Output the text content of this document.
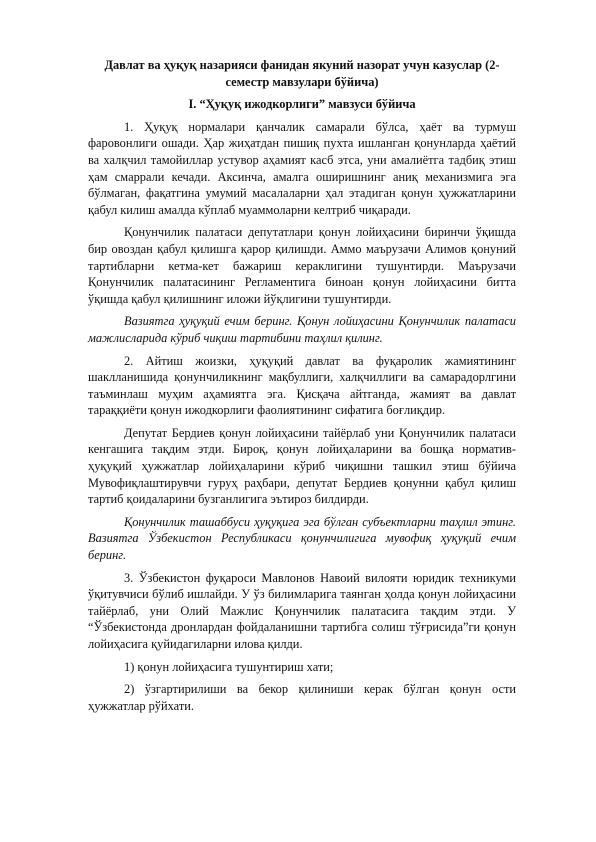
Давлат ва ҳуқуқ назарияси фанидан якуний назорат учун казуслар (2-семестр мавзулари бўйича)

I. “Ҳуқуқ ижодкорлиги” мавзуси бўйича

1. Ҳуқуқ нормалари қанчалик самарали бўлса, ҳаёт ва турмуш фаровонлиги ошади. Ҳар жиҳатдан пишиқ пухта ишланган қонунларда ҳаётий ва халқчил тамойиллар устувор аҳамият касб этса, уни амалиётга тадбиқ этиш ҳам смаррали кечади. Аксинча, амалга оширишнинг аниқ механизмига эга бўлмаган, фақатгина умумий масалаларни ҳал этадиган қонун ҳужжатларини қабул килиш амалда кўплаб муаммоларни келтриб чиқаради.

Қонунчилик палатаси депутатлари қонун лойиҳасини биринчи ўқишда бир овоздан қабул қилишга қарор қилишди. Аммо маърузачи Алимов қонуний тартибларни кетма-кет бажариш кераклигини тушунтирди. Маърузачи Қонунчилик палатасининг Регламентига биноан қонун лойиҳасини битта ўқишда қабул қилишнинг иложи йўқлигини тушунтирди.

Вазиятга ҳуқуқий ечим беринг. Қонун лойиҳасини Қонунчилик палатаси мажлисларида кўриб чиқиш тартибини таҳлил қилинг.

2. Айтиш жоизки, ҳуқуқий давлат ва фуқаролик жамиятининг шаклланишида қонунчиликнинг мақбуллиги, халқчиллиги ва самарадорлгини таъминлаш муҳим аҳамиятга эга. Қисқача айтганда, жамият ва давлат тараққиёти қонун ижодкорлиги фаолиятининг сифатига боғлиқдир.

Депутат Бердиев қонун лойиҳасини тайёрлаб уни Қонунчилик палатаси кенгашига тақдим этди. Бироқ, қонун лойиҳаларини ва бошқа норматив-ҳуқуқий ҳужжатлар лойиҳаларини кўриб чиқишни ташкил этиш бўйича Мувофиқлаштирувчи гуруҳ раҳбари, депутат Бердиев қонунни қабул қилиш тартиб қоидаларини бузганлигига эътироз билдирди.

Қонунчилик ташаббуси ҳуқуқига эга бўлган субъектларни таҳлил этинг. Вазиятга Ўзбекистон Республикаси қонунчилигига мувофиқ ҳуқуқий ечим беринг.

3. Ўзбекистон фуқароси Мавлонов Навоий вилояти юридик техникуми ўқитувчиси бўлиб ишлайди. У ўз билимларига таянган ҳолда қонун лойиҳасини тайёрлаб, уни Олий Мажлис Қонунчилик палатасига тақдим этди. У “Ўзбекистонда дронлардан фойдаланишни тартибга солиш тўғрисида”ги қонун лойиҳасига қуйидагиларни илова қилди.

1) қонун лойиҳасига тушунтириш хати;

2) ўзгартирилиши ва бекор қилиниши керак бўлган қонун ости ҳужжатлар рўйхати.
